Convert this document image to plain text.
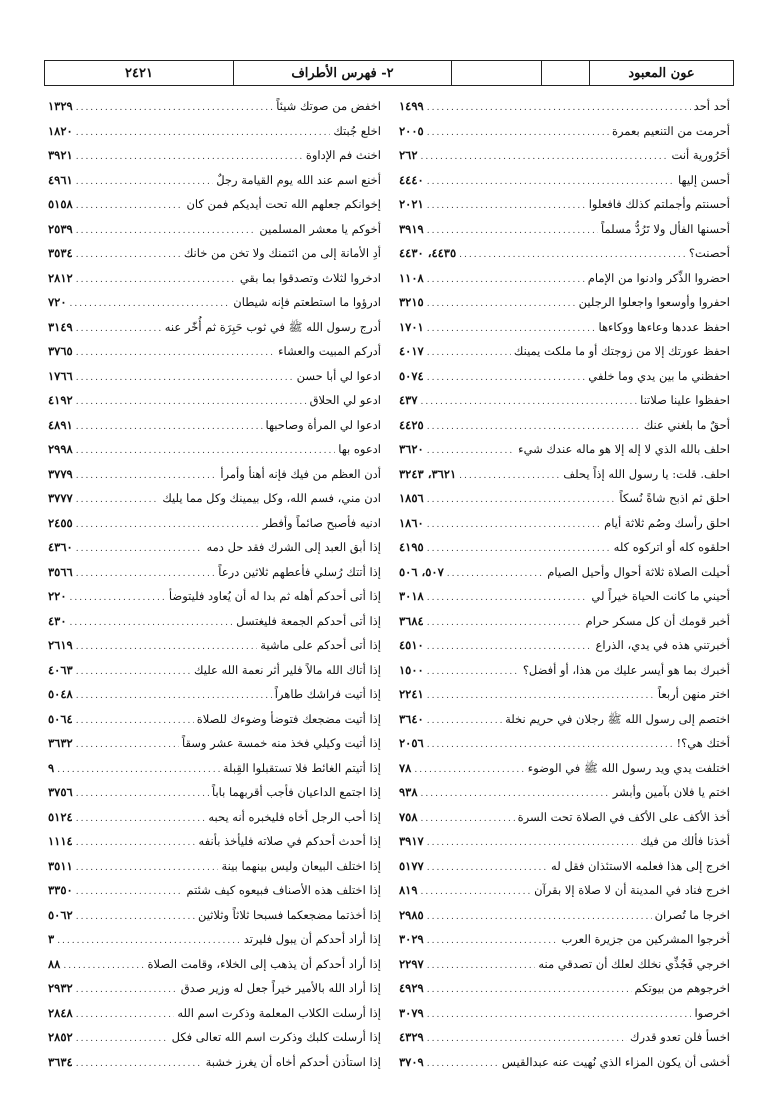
٢٤٢١	٢- فهرس الأطراف	عون المعبود
أحد أحد
.....
١٤٩٩
أحرمت من التنعيم بعمرة
.....
٢٠٠٥
أحَرُورية أنت
.....
٢٦٢
أحسن إليها
.....
٤٤٤٠
أحسنتم وأجملتم كذلك فافعلوا
.....
٢٠٢١
أحسنها الفأل ولا تَرُدُّ مسلماً
.....
٣٩١٩
أحصنت؟
.....
٤٤٣٥، ٤٤٣٠
احضروا الذِّكر وادنوا من الإمام
.....
١١٠٨
احفروا وأوسعوا واجعلوا الرجلين
.....
٣٢١٥
احفظ عددها وعاءها ووكاءها
.....
١٧٠١
احفظ عورتك إلا من زوجتك أو ما ملكت يمينك
.....
٤٠١٧
احفظني ما بين يدي وما خلفي
.....
٥٠٧٤
احفظوا علينا صلاتنا
.....
٤٣٧
أحقٌ ما بلغني عنك
.....
٤٤٢٥
احلف بالله الذي لا إله إلا هو ماله عندك شيء
.....
٣٦٢٠
احلف. قلت: يا رسول الله إذاً يحلف
.....
٣٦٢١، ٣٢٤٣
احلق ثم اذبح شاةً نُسكاً
.....
١٨٥٦
احلق رأسك وصُم ثلاثة أيام
.....
١٨٦٠
احلقوه كله أو اتركوه كله
.....
٤١٩٥
أحيلت الصلاة ثلاثة أحوال وأحيل الصيام
.....
٥٠٧، ٥٠٦
أحيني ما كانت الحياة خيراً لي
.....
٣٠١٨
أخبر قومك أن كل مسكر حرام
.....
٣٦٨٤
أخبرتني هذه في يدي، الذراع
.....
٤٥١٠
أخبرك بما هو أيسر عليك من هذا، أو أفضل؟
.....
١٥٠٠
اختر منهن أربعاً
.....
٢٢٤١
اختصم إلى رسول الله ﷺ رجلان في حريم نخلة
.....
٣٦٤٠
أختك هي؟!
.....
٢٠٥٦
اختلفت يدي ويد رسول الله ﷺ في الوضوء
.....
٧٨
اختم يا فلان بآمين وأبشر
.....
٩٣٨
أخذ الأكف على الأكف في الصلاة تحت السرة
.....
٧٥٨
أخذنا فألك من فيك
.....
٣٩١٧
اخرج إلى هذا فعلمه الاستئذان فقل له
.....
٥١٧٧
اخرج فناد في المدينة أن لا صلاة إلا بقرآن
.....
٨١٩
اخرجا ما تُصران
.....
٢٩٨٥
أخرجوا المشركين من جزيرة العرب
.....
٣٠٢٩
اخرجي فَجُذِّي نخلك لعلك أن تصدقي منه
.....
٢٢٩٧
اخرجوهم من بيوتكم
.....
٤٩٢٩
اخرصوا
.....
٣٠٧٩
اخسأ فلن تعدو قدرك
.....
٤٣٢٩
أخشى أن يكون المزاء الذي نُهيت عنه عبدالقيس
.....
٣٧٠٩
اخفض من صوتك شيئاً
.....
١٣٢٩
اخلع جُبتك
.....
١٨٢٠
اخنث فم الإداوة
.....
٣٩٢١
أخنع اسم عند الله يوم القيامة رجلٌ
.....
٤٩٦١
إخوانكم جعلهم الله تحت أيديكم فمن كان
.....
٥١٥٨
أخوكم يا معشر المسلمين
.....
٢٥٣٩
أدِ الأمانة إلى من ائتمنك ولا تخن من خانك
.....
٣٥٣٤
ادخروا لثلاث وتصدقوا بما بقي
.....
٢٨١٢
ادرؤوا ما استطعتم فإنه شيطان
.....
٧٢٠
أدرج رسول الله ﷺ في ثوب حَبِرَة ثم أُخّر عنه
.....
٣١٤٩
أدركم المبيت والعشاء
.....
٣٧٦٥
ادعوا لي أبا حسن
.....
١٧٦٦
ادعو لي الحلاق
.....
٤١٩٢
ادعوا لي المرأة وصاحبها
.....
٤٨٩١
ادعوه بها
.....
٢٩٩٨
أدن العظم من فيك فإنه أهنأ وأمرأ
.....
٣٧٧٩
ادن مني، فسم الله، وكل بيمينك وكل مما يليك
.....
٣٧٧٧
ادنيه فأصبح صائماً وأفطر
.....
٢٤٥٥
إذا أبق العبد إلى الشرك فقد حل دمه
.....
٤٣٦٠
إذا أتتك رُسلي فأعطهم ثلاثين درعاً
.....
٣٥٦٦
إذا أتى أحدكم أهله ثم بدا له أن يُعاود فليتوضأ
.....
٢٢٠
إذا أتى أحدكم الجمعة فليغتسل
.....
٤٣٠
إذا أتى أحدكم على ماشية
.....
٢٦١٩
إذا أتاك الله مالاً فلير أثر نعمة الله عليك
.....
٤٠٦٣
إذا أتيت فراشك طاهراً
.....
٥٠٤٨
إذا أتيت مضجعك فتوضأ وضوءك للصلاة
.....
٥٠٦٤
إذا أتيت وكيلي فخذ منه خمسة عشر وسقاً
.....
٣٦٣٢
إذا أتيتم الغائط فلا تستقبلوا القِبلة
.....
٩
إذا اجتمع الداعيان فأجب أقربهما باباً
.....
٣٧٥٦
إذا أحب الرجل أخاه فليخبره أنه يحبه
.....
٥١٢٤
إذا أحدث أحدكم في صلاته فليأخذ بأنفه
.....
١١١٤
إذا اختلف البيعان وليس بينهما بينة
.....
٣٥١١
إذا اختلف هذه الأصناف فبيعوه كيف شئتم
.....
٣٣٥٠
إذا أخذتما مضجعكما فسبحا ثلاثاً وثلاثين
.....
٥٠٦٢
إذا أراد أحدكم أن يبول فليرتد
.....
٣
إذا أراد أحدكم أن يذهب إلى الخلاء، وقامت الصلاة
.....
٨٨
إذا أراد الله بالأمير خيراً جعل له وزير صدق
.....
٢٩٣٢
إذا أرسلت الكلاب المعلمة وذكرت اسم الله
.....
٢٨٤٨
إذا أرسلت كلبك وذكرت اسم الله تعالى فكل
.....
٢٨٥٢
إذا استأذن أحدكم أخاه أن يغرز خشبة
.....
٣٦٣٤
